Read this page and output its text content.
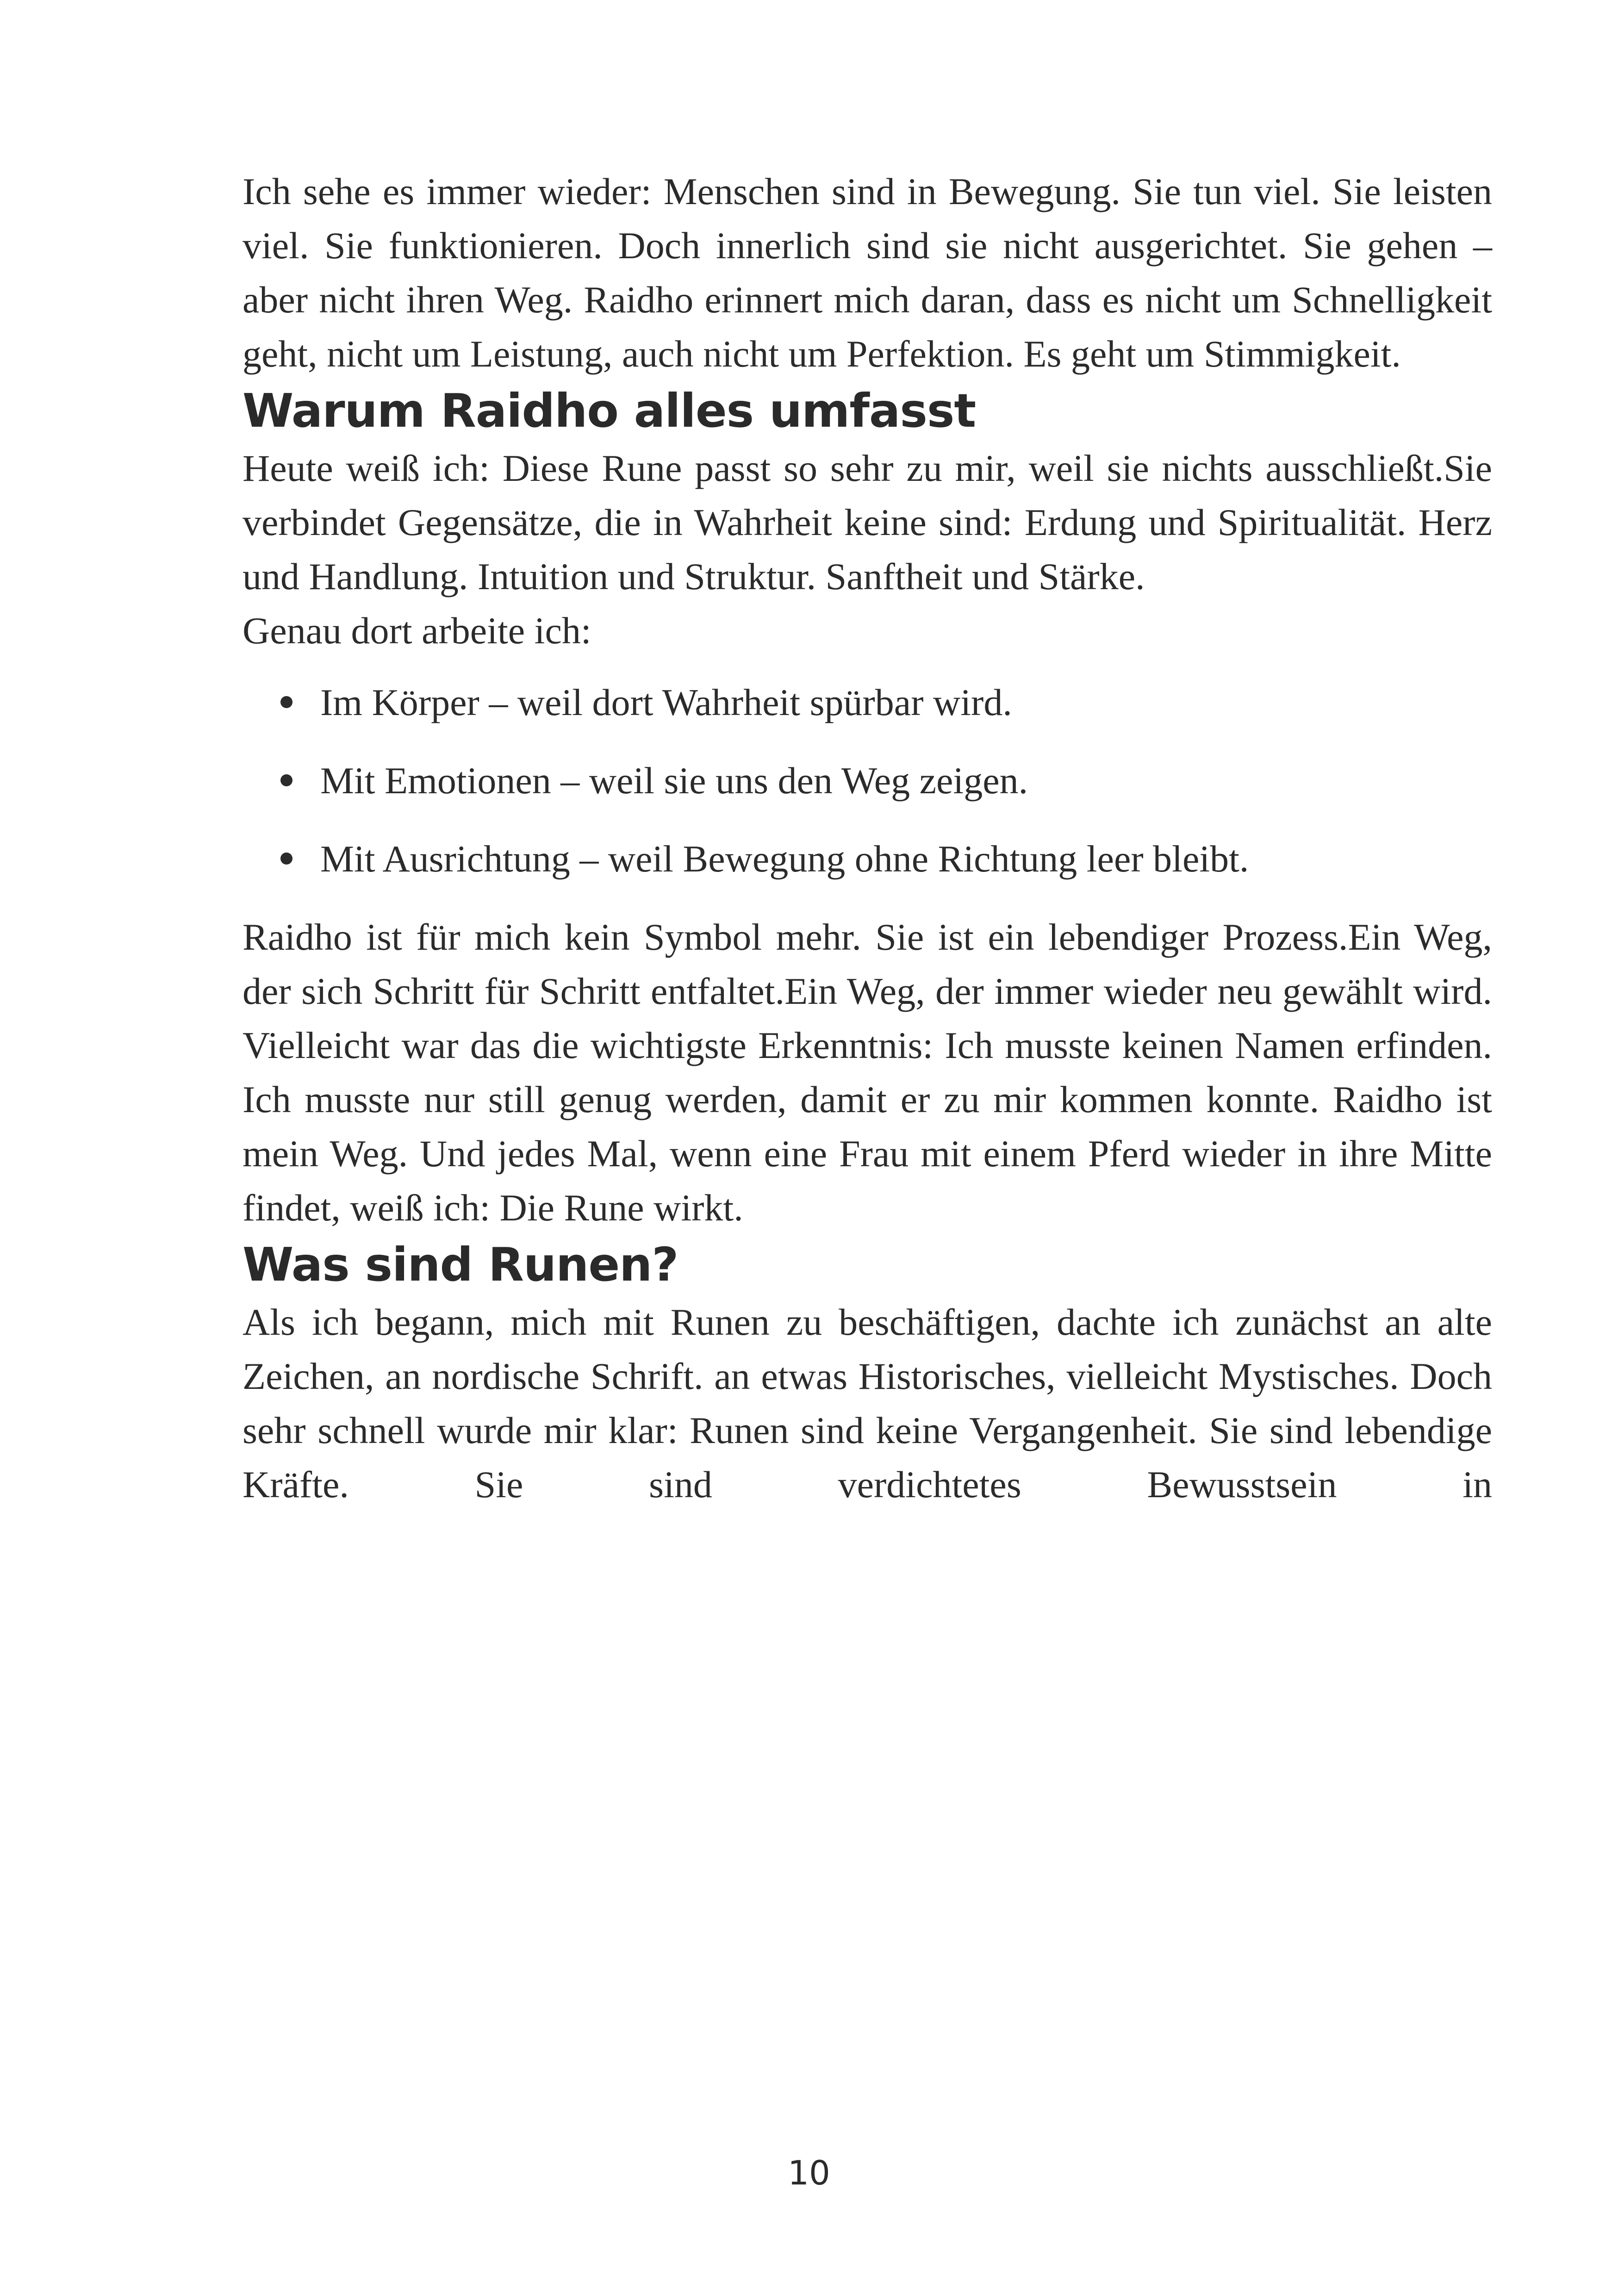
Ich sehe es immer wieder: Menschen sind in Bewegung. Sie tun viel. Sie leisten viel. Sie funktionieren. Doch innerlich sind sie nicht ausgerichtet. Sie gehen – aber nicht ihren Weg. Raidho erinnert mich daran, dass es nicht um Schnelligkeit geht, nicht um Leistung, auch nicht um Perfektion. Es geht um Stimmigkeit.

Warum Raidho alles umfasst

Heute weiß ich: Diese Rune passt so sehr zu mir, weil sie nichts ausschließt.Sie verbindet Gegensätze, die in Wahrheit keine sind: Erdung und Spiritualität. Herz und Handlung. Intuition und Struktur. Sanftheit und Stärke.

Genau dort arbeite ich:

Im Körper – weil dort Wahrheit spürbar wird.
Mit Emotionen – weil sie uns den Weg zeigen.
Mit Ausrichtung – weil Bewegung ohne Richtung leer bleibt.

Raidho ist für mich kein Symbol mehr. Sie ist ein lebendiger Prozess.Ein Weg, der sich Schritt für Schritt entfaltet.Ein Weg, der immer wieder neu gewählt wird. Vielleicht war das die wichtigste Erkenntnis: Ich musste keinen Namen erfinden. Ich musste nur still genug werden, damit er zu mir kommen konnte. Raidho ist mein Weg. Und jedes Mal, wenn eine Frau mit einem Pferd wieder in ihre Mitte findet, weiß ich: Die Rune wirkt.

Was sind Runen?

Als ich begann, mich mit Runen zu beschäftigen, dachte ich zunächst an alte Zeichen, an nordische Schrift. an etwas Historisches, vielleicht Mystisches. Doch sehr schnell wurde mir klar: Runen sind keine Vergangenheit. Sie sind lebendige Kräfte. Sie sind verdichtetes Bewusstsein in

10
